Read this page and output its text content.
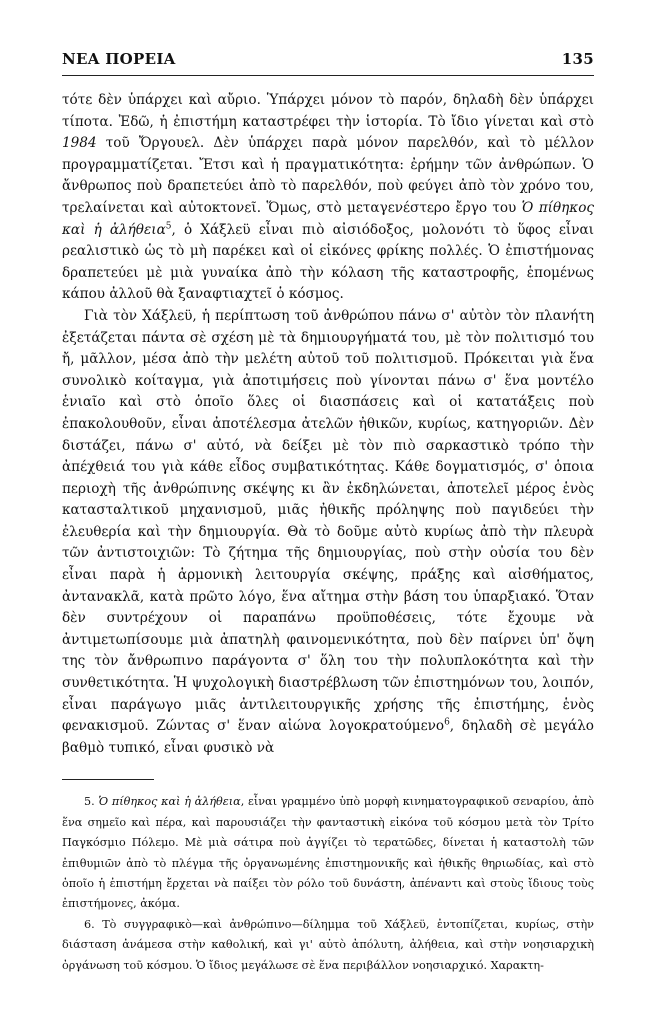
ΝΕΑ ΠΟΡΕΙΑ	135

τότε δὲν ὑπάρχει καὶ αὔριο. Ὑπάρχει μόνον τὸ παρόν, δηλαδὴ δὲν ὑπάρχει τίποτα. Ἐδῶ, ἡ ἐπιστήμη καταστρέφει τὴν ἱστορία. Τὸ ἴδιο γίνεται καὶ στὸ 1984 τοῦ Ὄργουελ. Δὲν ὑπάρχει παρὰ μόνον παρελθόν, καὶ τὸ μέλλον προγραμματίζεται. Ἔτσι καὶ ἡ πραγματικότητα: ἐρήμην τῶν ἀνθρώπων. Ὁ ἄνθρωπος ποὺ δραπετεύει ἀπὸ τὸ παρελθόν, ποὺ φεύγει ἀπὸ τὸν χρόνο του, τρελαίνεται καὶ αὐτοκτονεῖ. Ὅμως, στὸ μεταγενέστερο ἔργο του Ὁ πίθηκος καὶ ἡ ἀλήθεια$^5$, ὁ Χάξλεϋ εἶναι πιὸ αἰσιόδοξος, μολονότι τὸ ὕφος εἶναι ρεαλιστικὸ ὡς τὸ μὴ παρέκει καὶ οἱ εἰκόνες φρίκης πολλές. Ὁ ἐπιστήμονας δραπετεύει μὲ μιὰ γυναίκα ἀπὸ τὴν κόλαση τῆς καταστροφῆς, ἑπομένως κάπου ἀλλοῦ θὰ ξαναφτιαχτεῖ ὁ κόσμος.

Γιὰ τὸν Χάξλεϋ, ἡ περίπτωση τοῦ ἀνθρώπου πάνω σ' αὐτὸν τὸν πλανήτη ἐξετάζεται πάντα σὲ σχέση μὲ τὰ δημιουργήματά του, μὲ τὸν πολιτισμό του ἤ, μᾶλλον, μέσα ἀπὸ τὴν μελέτη αὐτοῦ τοῦ πολιτισμοῦ. Πρόκειται γιὰ ἕνα συνολικὸ κοίταγμα, γιὰ ἀποτιμήσεις ποὺ γίνονται πάνω σ' ἕνα μοντέλο ἑνιαῖο καὶ στὸ ὁποῖο ὅλες οἱ διασπάσεις καὶ οἱ κατατάξεις ποὺ ἐπακολουθοῦν, εἶναι ἀποτέλεσμα ἀτελῶν ἠθικῶν, κυρίως, κατηγοριῶν. Δὲν διστάζει, πάνω σ' αὐτό, νὰ δείξει μὲ τὸν πιὸ σαρκαστικὸ τρόπο τὴν ἀπέχθειά του γιὰ κάθε εἶδος συμβατικότητας. Κάθε δογματισμός, σ' ὁποια περιοχὴ τῆς ἀνθρώπινης σκέψης κι ἂν ἐκδηλώνεται, ἀποτελεῖ μέρος ἑνὸς κατασταλτικοῦ μηχανισμοῦ, μιᾶς ἠθικῆς πρόληψης ποὺ παγιδεύει τὴν ἐλευθερία καὶ τὴν δημιουργία. Θὰ τὸ δοῦμε αὐτὸ κυρίως ἀπὸ τὴν πλευρὰ τῶν ἀντιστοιχιῶν: Τὸ ζήτημα τῆς δημιουργίας, ποὺ στὴν οὐσία του δὲν εἶναι παρὰ ἡ ἁρμονικὴ λειτουργία σκέψης, πράξης καὶ αἰσθήματος, ἀντανακλᾶ, κατὰ πρῶτο λόγο, ἕνα αἴτημα στὴν βάση του ὑπαρξιακό. Ὅταν δὲν συντρέχουν οἱ παραπάνω προϋποθέσεις, τότε ἔχουμε νὰ ἀντιμετωπίσουμε μιὰ ἀπατηλὴ φαινομενικότητα, ποὺ δὲν παίρνει ὑπ' ὄψη της τὸν ἄνθρωπινο παράγοντα σ' ὅλη του τὴν πολυπλοκότητα καὶ τὴν συνθετικότητα. Ἡ ψυχολογικὴ διαστρέβλωση τῶν ἐπιστημόνων του, λοιπόν, εἶναι παράγωγο μιᾶς ἀντιλειτουργικῆς χρήσης τῆς ἐπιστήμης, ἑνὸς φενακισμοῦ. Ζώντας σ' ἕναν αἰώνα λογοκρατούμενο$^6$, δηλαδὴ σὲ μεγάλο βαθμὸ τυπικό, εἶναι φυσικὸ νὰ

5. Ὁ πίθηκος καὶ ἡ ἀλήθεια, εἶναι γραμμένο ὑπὸ μορφὴ κινηματογραφικοῦ σεναρίου, ἀπὸ ἕνα σημεῖο καὶ πέρα, καὶ παρουσιάζει τὴν φανταστικὴ εἰκόνα τοῦ κόσμου μετὰ τὸν Τρίτο Παγκόσμιο Πόλεμο. Μὲ μιὰ σάτιρα ποὺ ἀγγίζει τὸ τερατῶδες, δίνεται ἡ καταστολὴ τῶν ἐπιθυμιῶν ἀπὸ τὸ πλέγμα τῆς ὀργανωμένης ἐπιστημονικῆς καὶ ἠθικῆς θηριωδίας, καὶ στὸ ὁποῖο ἡ ἐπιστήμη ἔρχεται νὰ παίξει τὸν ρόλο τοῦ δυνάστη, ἀπέναντι καὶ στοὺς ἴδιους τοὺς ἐπιστήμονες, ἀκόμα.

6. Τὸ συγγραφικὸ—καὶ ἀνθρώπινο—δίλημμα τοῦ Χάξλεϋ, ἐντοπίζεται, κυρίως, στὴν διάσταση ἀνάμεσα στὴν καθολική, καὶ γι' αὐτὸ ἀπόλυτη, ἀλήθεια, καὶ στὴν νοησιαρχικὴ ὀργάνωση τοῦ κόσμου. Ὁ ἴδιος μεγάλωσε σὲ ἕνα περιβάλλον νοησιαρχικό. Χαρακτη-
